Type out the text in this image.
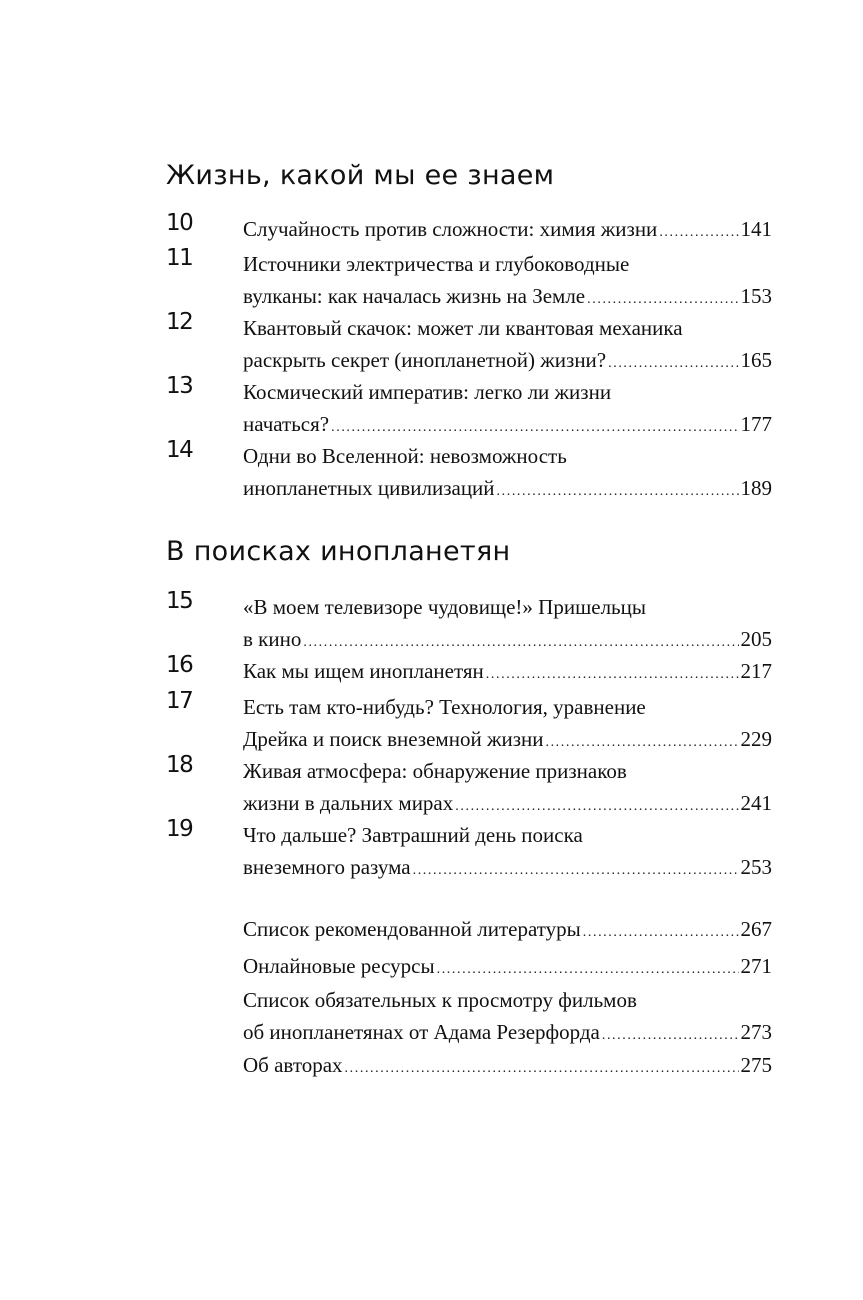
Жизнь, какой мы ее знаем
10 Случайность против сложности: химия жизни .....	141
11 Источники электричества и глубоководные
вулканы: как началась жизнь на Земле .....	153
12 Квантовый скачок: может ли квантовая механика
раскрыть секрет (инопланетной) жизни? .....	165
13 Космический императив: легко ли жизни
начаться? .....	177
14 Одни во Вселенной: невозможность
инопланетных цивилизаций .....	189
В поисках инопланетян
15 «В моем телевизоре чудовище!» Пришельцы
в кино .....	205
16 Как мы ищем инопланетян .....	217
17 Есть там кто-нибудь? Технология, уравнение
Дрейка и поиск внеземной жизни .....	229
18 Живая атмосфера: обнаружение признаков
жизни в дальних мирах .....	241
19 Что дальше? Завтрашний день поиска
внеземного разума .....	253
Список рекомендованной литературы .....	267
Онлайновые ресурсы .....	271
Список обязательных к просмотру фильмов
об инопланетянах от Адама Резерфорда .....	273
Об авторах .....	275
